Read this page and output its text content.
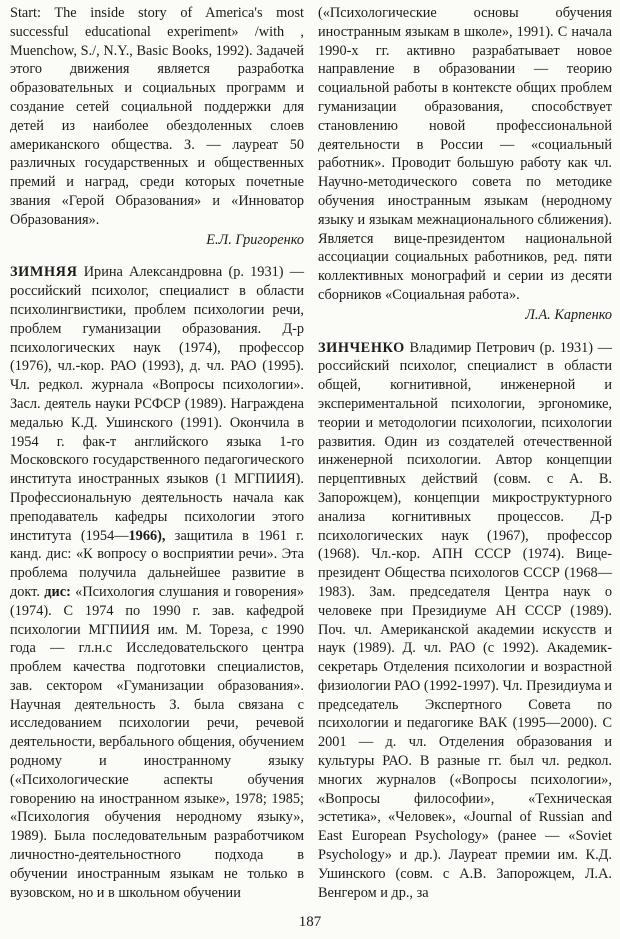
Start: The inside story of America's most successful educational experiment» /with , Muenchow, S./, N.Y., Basic Books, 1992). Задачей этого движения является разработка образовательных и социальных программ и создание сетей социальной поддержки для детей из наиболее обездоленных слоев американского общества. З. — лауреат 50 различных государственных и общественных премий и наград, среди которых почетные звания «Герой Образования» и «Инноватор Образования».

Е.Л. Григоренко

ЗИМНЯЯ Ирина Александровна (р. 1931) — российский психолог, специалист в области психолингвистики, проблем психологии речи, проблем гуманизации образования. Д-р психологических наук (1974), профессор (1976), чл.-кор. РАО (1993), д. чл. РАО (1995). Чл. редкол. журнала «Вопросы психологии». Засл. деятель науки РСФСР (1989). Награждена медалью К.Д. Ушинского (1991). Окончила в 1954 г. фак-т английского языка 1-го Московского государственного педагогического института иностранных языков (1 МГПИИЯ). Профессиональную деятельность начала как преподаватель кафедры психологии этого института (1954—1966), защитила в 1961 г. канд. дис: «К вопросу о восприятии речи». Эта проблема получила дальнейшее развитие в докт. дис: «Психология слушания и говорения» (1974). С 1974 по 1990 г. зав. кафедрой психологии МГПИИЯ им. М. Тореза, с 1990 года — гл.н.с Исследовательского центра проблем качества подготовки специалистов, зав. сектором «Гуманизации образования». Научная деятельность З. была связана с исследованием психологии речи, речевой деятельности, вербального общения, обучением родному и иностранному языку («Психологические аспекты обучения говорению на иностранном языке», 1978; 1985; «Психология обучения неродному языку», 1989). Была последовательным разработчиком личностно-деятельностного подхода в обучении иностранным языкам не только в вузовском, но и в школьном обучении

(«Психологические основы обучения иностранным языкам в школе», 1991). С начала 1990-х гг. активно разрабатывает новое направление в образовании — теорию социальной работы в контексте общих проблем гуманизации образования, способствует становлению новой профессиональной деятельности в России — «социальный работник». Проводит большую работу как чл. Научно-методического совета по методике обучения иностранным языкам (неродному языку и языкам межнационального сближения). Является вице-президентом национальной ассоциации социальных работников, ред. пяти коллективных монографий и серии из десяти сборников «Социальная работа».

Л.А. Карпенко

ЗИНЧЕНКО Владимир Петрович (р. 1931) — российский психолог, специалист в области общей, когнитивной, инженерной и экспериментальной психологии, эргономике, теории и методологии психологии, психологии развития. Один из создателей отечественной инженерной психологии. Автор концепции перцептивных действий (совм. с А. В. Запорожцем), концепции микроструктурного анализа когнитивных процессов. Д-р психологических наук (1967), профессор (1968). Чл.-кор. АПН СССР (1974). Вице-президент Общества психологов СССР (1968—1983). Зам. председателя Центра наук о человеке при Президиуме АН СССР (1989). Поч. чл. Американской академии искусств и наук (1989). Д. чл. РАО (с 1992). Академик-секретарь Отделения психологии и возрастной физиологии РАО (1992-1997). Чл. Президиума и председатель Экспертного Совета по психологии и педагогике ВАК (1995—2000). С 2001 — д. чл. Отделения образования и культуры РАО. В разные гг. был чл. редкол. многих журналов («Вопросы психологии», «Вопросы философии», «Техническая эстетика», «Человек», «Journal of Russian and East European Psychology» (ранее — «Soviet Psychology» и др.). Лауреат премии им. К.Д. Ушинского (совм. с А.В. Запорожцем, Л.А. Венгером и др., за

187
